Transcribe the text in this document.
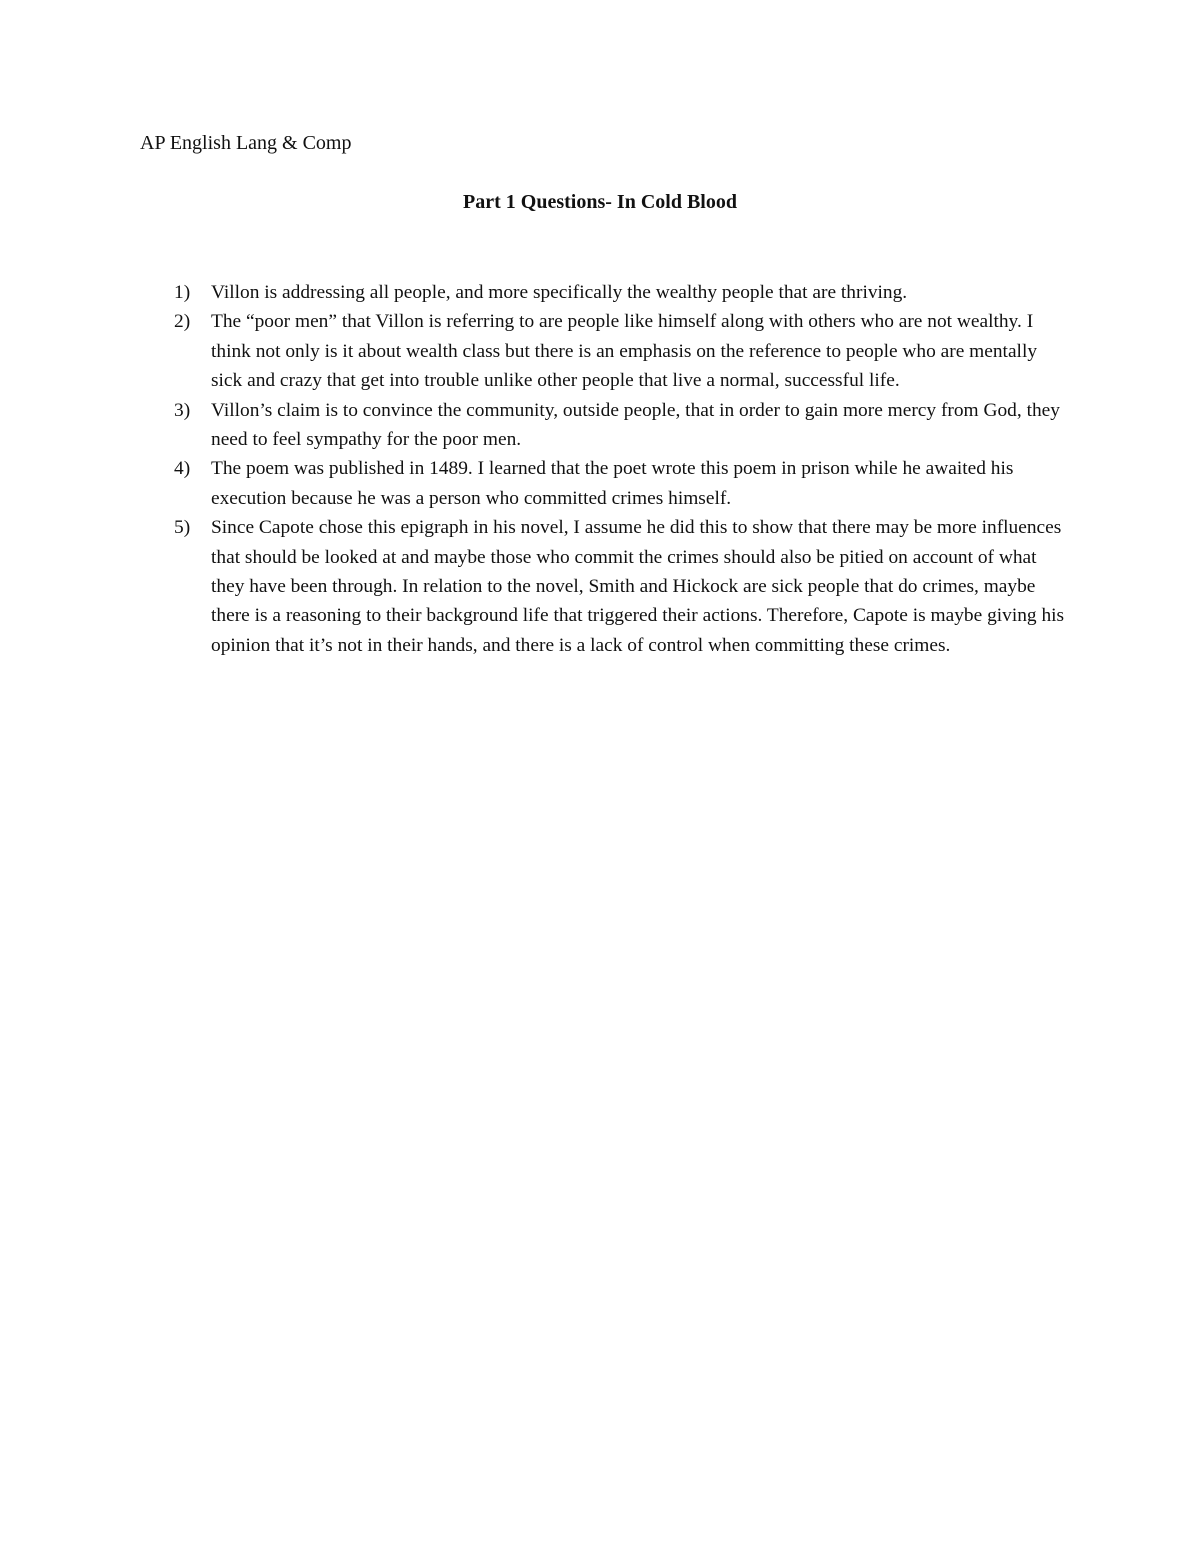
AP English Lang & Comp
Part 1 Questions- In Cold Blood
1) Villon is addressing all people, and more specifically the wealthy people that are thriving.
2) The “poor men” that Villon is referring to are people like himself along with others who are not wealthy. I think not only is it about wealth class but there is an emphasis on the reference to people who are mentally sick and crazy that get into trouble unlike other people that live a normal, successful life.
3) Villon’s claim is to convince the community, outside people, that in order to gain more mercy from God, they need to feel sympathy for the poor men.
4) The poem was published in 1489. I learned that the poet wrote this poem in prison while he awaited his execution because he was a person who committed crimes himself.
5) Since Capote chose this epigraph in his novel, I assume he did this to show that there may be more influences that should be looked at and maybe those who commit the crimes should also be pitied on account of what they have been through. In relation to the novel, Smith and Hickock are sick people that do crimes, maybe there is a reasoning to their background life that triggered their actions. Therefore, Capote is maybe giving his opinion that it’s not in their hands, and there is a lack of control when committing these crimes.
